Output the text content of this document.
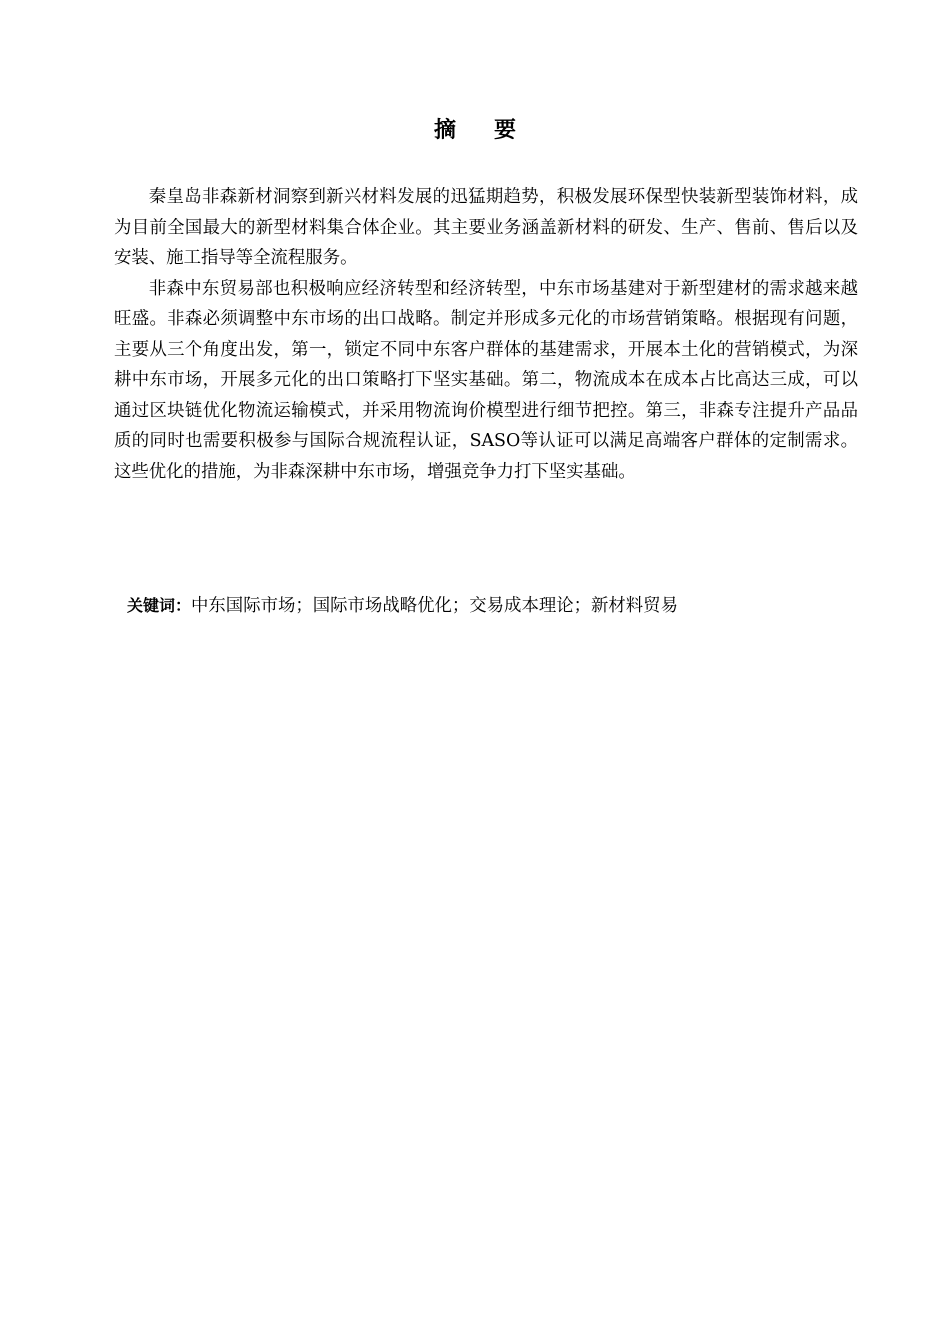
摘要

秦皇岛非森新材洞察到新兴材料发展的迅猛期趋势，积极发展环保型快装新型装饰材料，成为目前全国最大的新型材料集合体企业。其主要业务涵盖新材料的研发、生产、售前、售后以及安装、施工指导等全流程服务。

非森中东贸易部也积极响应经济转型和经济转型，中东市场基建对于新型建材的需求越来越旺盛。非森必须调整中东市场的出口战略。制定并形成多元化的市场营销策略。根据现有问题，主要从三个角度出发，第一，锁定不同中东客户群体的基建需求，开展本土化的营销模式，为深耕中东市场，开展多元化的出口策略打下坚实基础。第二，物流成本在成本占比高达三成，可以通过区块链优化物流运输模式，并采用物流询价模型进行细节把控。第三，非森专注提升产品品质的同时也需要积极参与国际合规流程认证，SASO等认证可以满足高端客户群体的定制需求。这些优化的措施，为非森深耕中东市场，增强竞争力打下坚实基础。

关键词：中东国际市场；国际市场战略优化；交易成本理论；新材料贸易
